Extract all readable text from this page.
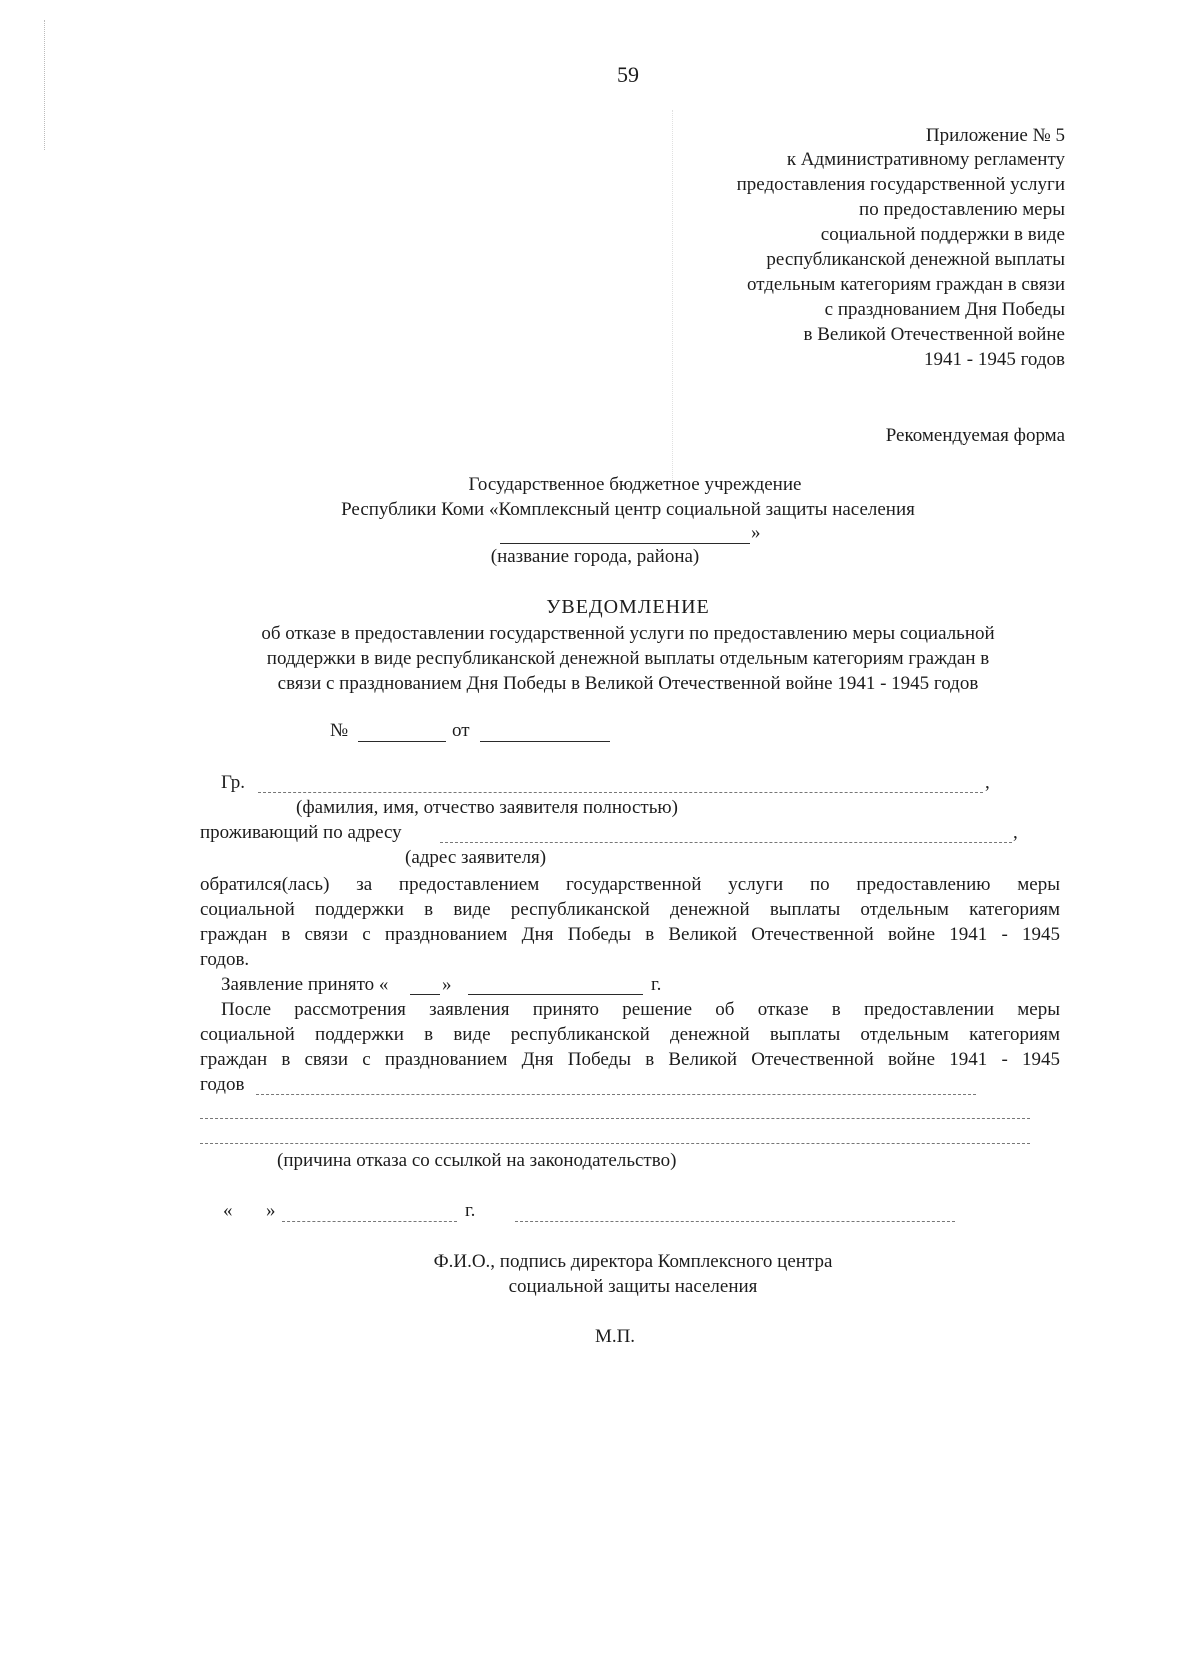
59
Приложение № 5
к Административному регламенту
предоставления государственной услуги
по предоставлению меры
социальной поддержки в виде
республиканской денежной выплаты
отдельным категориям граждан в связи
с празднованием Дня Победы
в Великой Отечественной войне
1941 - 1945 годов
Рекомендуемая форма
Государственное бюджетное учреждение
Республики Коми «Комплексный центр социальной защиты населения
»
(название города, района)
УВЕДОМЛЕНИЕ
об отказе в предоставлении государственной услуги по предоставлению меры социальной
поддержки в виде республиканской денежной выплаты отдельным категориям граждан в
связи с празднованием Дня Победы в Великой Отечественной войне 1941 - 1945 годов
№	от
Гр.	,
(фамилия, имя, отчество заявителя полностью)
проживающий по адресу	,
(адрес заявителя)
обратился(лась) за предоставлением государственной услуги по предоставлению меры
социальной поддержки в виде республиканской денежной выплаты отдельным категориям
граждан в связи с празднованием Дня Победы в Великой Отечественной войне 1941 - 1945
годов.
Заявление принято «	»	г.
После рассмотрения заявления принято решение об отказе в предоставлении меры
социальной поддержки в виде республиканской денежной выплаты отдельным категориям
граждан в связи с празднованием Дня Победы в Великой Отечественной войне 1941 - 1945
годов
(причина отказа со ссылкой на законодательство)
« »	г.
Ф.И.О., подпись директора Комплексного центра
социальной защиты населения
М.П.
